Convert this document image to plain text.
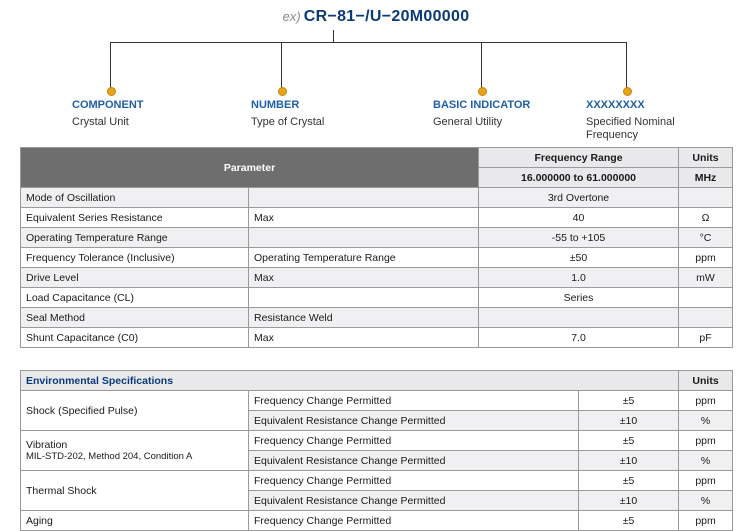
ex) CR−81−/U−20M00000
COMPONENT
Crystal Unit
NUMBER
Type of Crystal
BASIC INDICATOR
General Utility
XXXXXXXX
Specified Nominal Frequency
Parameter		Frequency Range	Units
		16.000000 to 61.000000	MHz
Mode of Oscillation		3rd Overtone	
Equivalent Series Resistance	Max	40	Ω
Operating Temperature Range		-55 to +105	°C
Frequency Tolerance (Inclusive)	Operating Temperature Range	±50	ppm
Drive Level	Max	1.0	mW
Load Capacitance (CL)		Series	
Seal Method	Resistance Weld		
Shunt Capacitance (C0)	Max	7.0	pF
Environmental Specifications			Units
Shock (Specified Pulse)	Frequency Change Permitted	±5	ppm
	Equivalent Resistance Change Permitted	±10	%

Vibration
MIL-STD-202, Method 204, Condition A	Frequency Change Permitted	±5	ppm
	Equivalent Resistance Change Permitted	±10	%
Thermal Shock	Frequency Change Permitted	±5	ppm
	Equivalent Resistance Change Permitted	±10	%
Aging	Frequency Change Permitted	±5	ppm
